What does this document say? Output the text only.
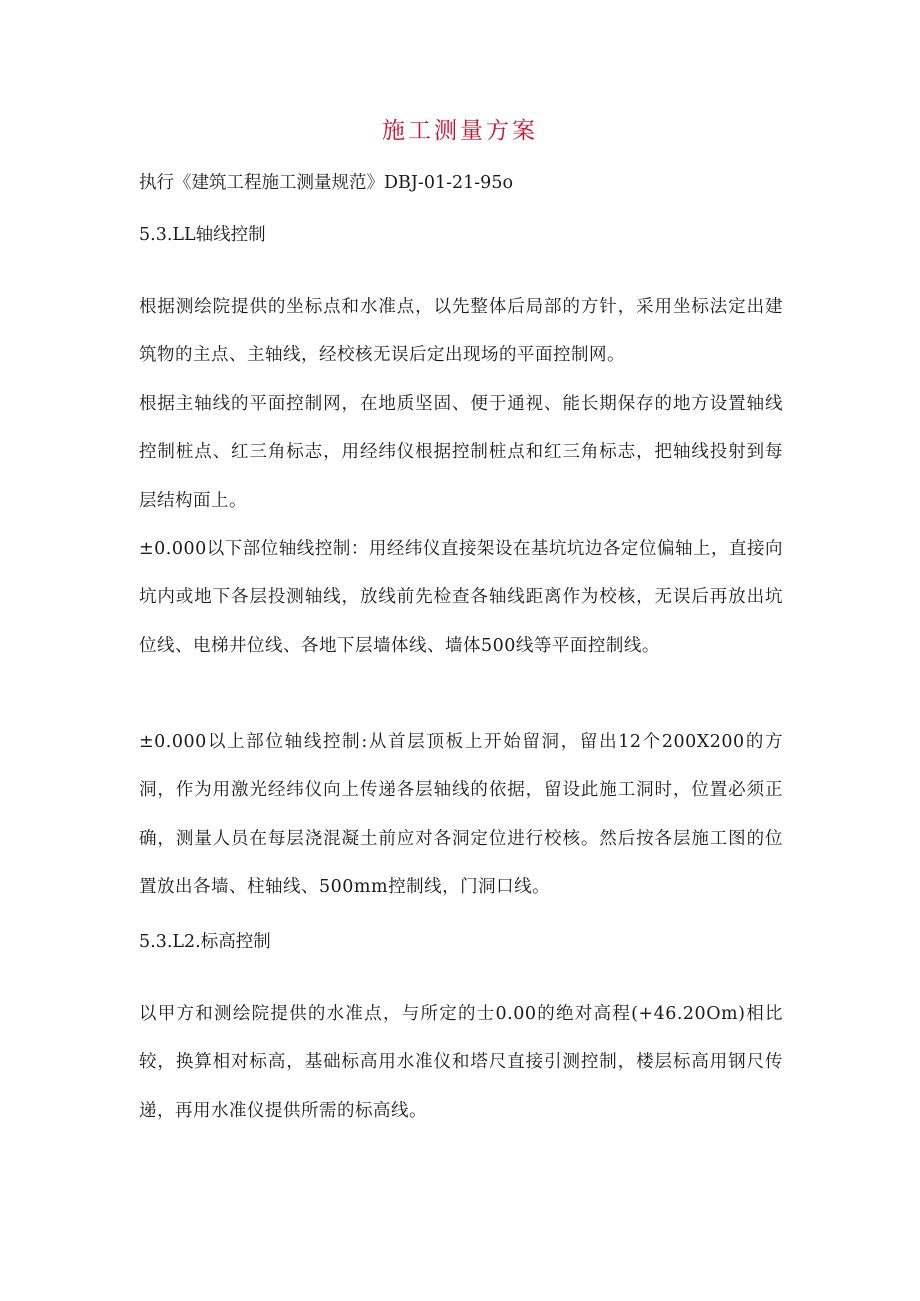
施工测量方案
执行《建筑工程施工测量规范》DBJ-01-21-95o
5.3.LL轴线控制
根据测绘院提供的坐标点和水准点，以先整体后局部的方针，采用坐标法定出建筑物的主点、主轴线，经校核无误后定出现场的平面控制网。
根据主轴线的平面控制网，在地质坚固、便于通视、能长期保存的地方设置轴线控制桩点、红三角标志，用经纬仪根据控制桩点和红三角标志，把轴线投射到每层结构面上。
±0.000以下部位轴线控制：用经纬仪直接架设在基坑坑边各定位偏轴上，直接向坑内或地下各层投测轴线，放线前先检查各轴线距离作为校核，无误后再放出坑位线、电梯井位线、各地下层墙体线、墙体500线等平面控制线。
±0.000以上部位轴线控制:从首层顶板上开始留洞，留出12个200X200的方洞，作为用激光经纬仪向上传递各层轴线的依据，留设此施工洞时，位置必须正确，测量人员在每层浇混凝土前应对各洞定位进行校核。然后按各层施工图的位置放出各墙、柱轴线、500mm控制线，门洞口线。
5.3.L2.标高控制
以甲方和测绘院提供的水准点，与所定的士0.00的绝对高程(+46.20Om)相比较，换算相对标高，基础标高用水准仪和塔尺直接引测控制，楼层标高用钢尺传递，再用水准仪提供所需的标高线。
